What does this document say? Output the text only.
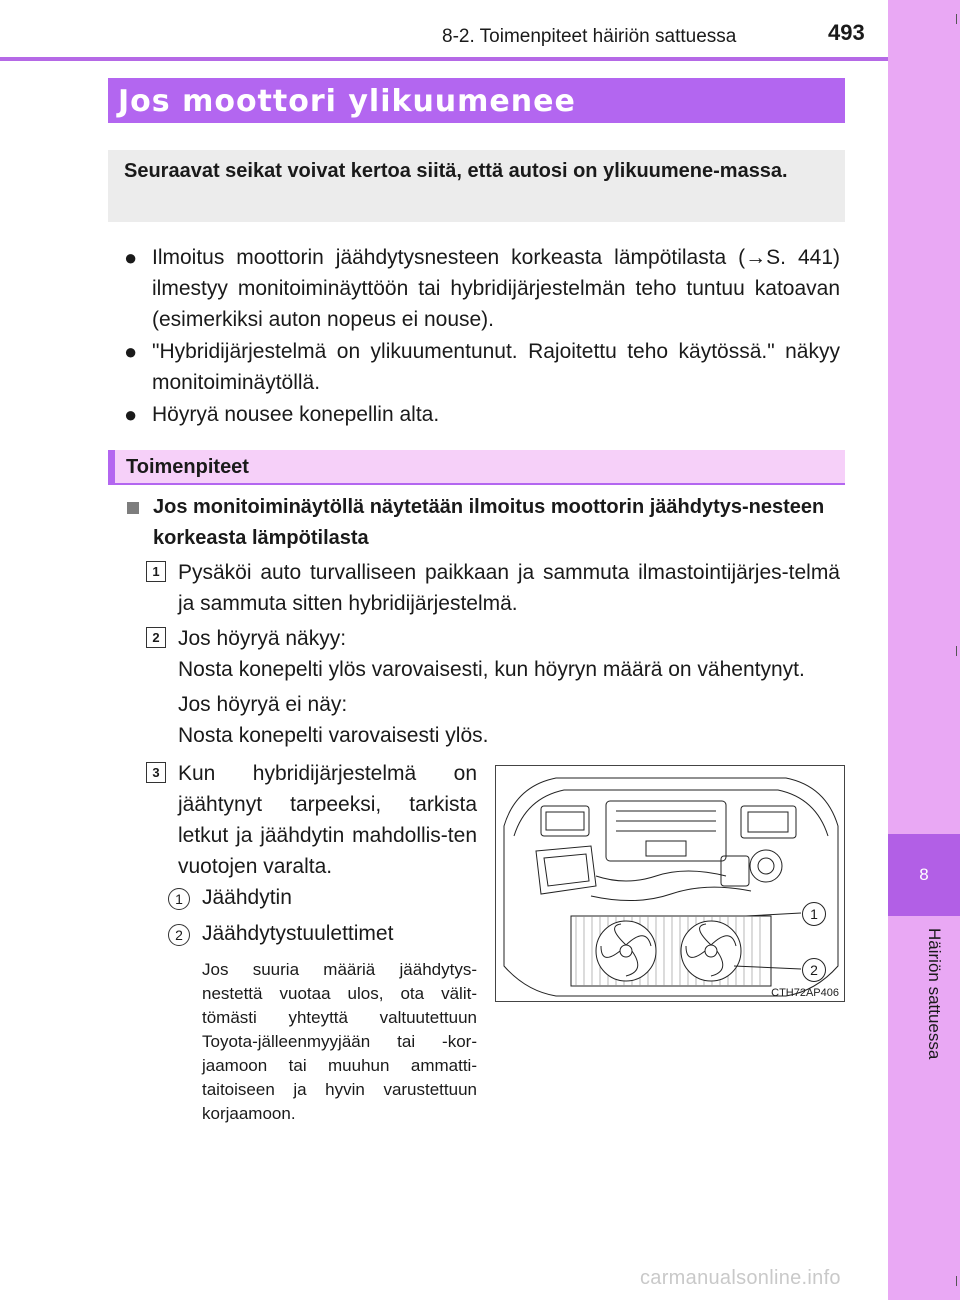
8-2. Toimenpiteet häiriön sattuessa	493
8
Häiriön sattuessa
Jos moottori ylikuumenee
Seuraavat seikat voivat kertoa siitä, että autosi on ylikuumene-massa.
● Ilmoitus moottorin jäähdytysnesteen korkeasta lämpötilasta (→S. 441) ilmestyy monitoiminäyttöön tai hybridijärjestelmän teho tuntuu katoavan (esimerkiksi auton nopeus ei nouse).
● "Hybridijärjestelmä on ylikuumentunut. Rajoitettu teho käytössä." näkyy monitoiminäytöllä.
● Höyryä nousee konepellin alta.
Toimenpiteet
Jos monitoiminäytöllä näytetään ilmoitus moottorin jäähdytys-nesteen korkeasta lämpötilasta
1 Pysäköi auto turvalliseen paikkaan ja sammuta ilmastointijärjes-telmä ja sammuta sitten hybridijärjestelmä.
2 Jos höyryä näkyy:
Nosta konepelti ylös varovaisesti, kun höyryn määrä on vähentynyt.
Jos höyryä ei näy:
Nosta konepelti varovaisesti ylös.
3 Kun hybridijärjestelmä on jäähtynyt tarpeeksi, tarkista letkut ja jäähdytin mahdollis-ten vuotojen varalta.
1 Jäähdytin
2 Jäähdytystuulettimet
Jos suuria määriä jäähdytys-nestettä vuotaa ulos, ota välit-tömästi yhteyttä valtuutettuun Toyota-jälleenmyyjään tai -kor-jaamoon tai muuhun ammatti-taitoiseen ja hyvin varustettuun korjaamoon.
1
2
CTH72AP406
carmanualsonline.info
